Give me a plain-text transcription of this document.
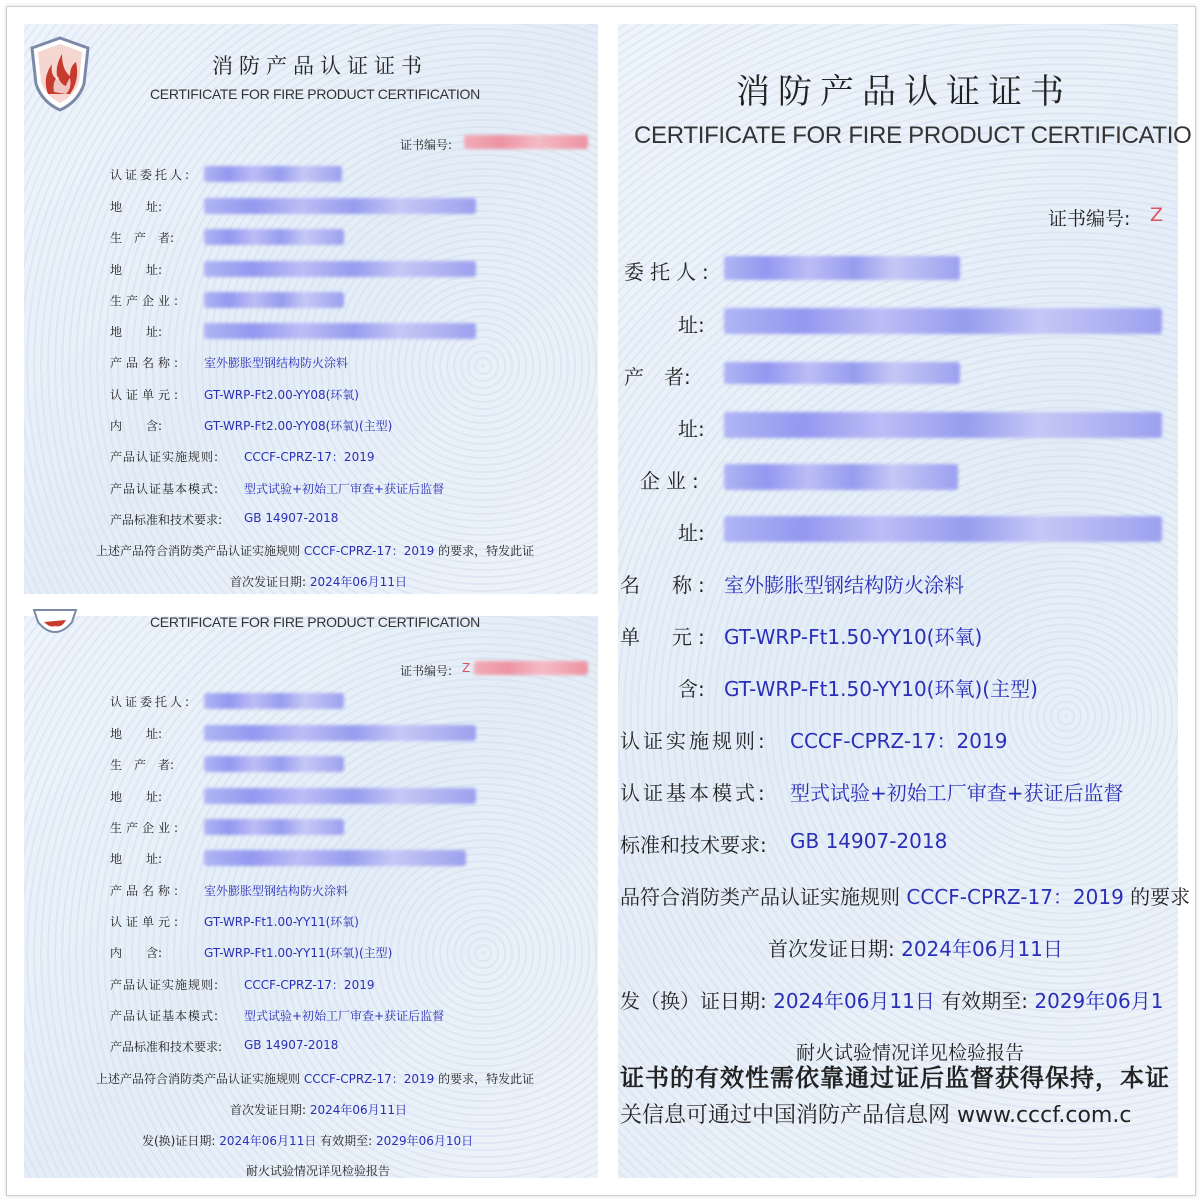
消防产品认证证书
CERTIFICATE FOR FIRE PRODUCT CERTIFICATION
证书编号:
认证委托人:
地　　址:
生　产　者:
地　　址:
生产企业:
地　　址:
产品名称: 室外膨胀型钢结构防火涂料
认证单元: GT-WRP-Ft2.00-YY08(环氧)
内　　含:	GT-WRP-Ft2.00-YY08(环氧)(主型)
产品认证实施规则: CCCF-CPRZ-17：2019
产品认证基本模式: 型式试验+初始工厂审查+获证后监督
产品标准和技术要求: GB 14907-2018
上述产品符合消防类产品认证实施规则 CCCF-CPRZ-17：2019 的要求，特发此证
首次发证日期: 2024年06月11日
CERTIFICATE FOR FIRE PRODUCT CERTIFICATION
证书编号: Z
认证委托人:
地　　址:
生　产　者:
地　　址:
生产企业:
地　　址:
产品名称: 室外膨胀型钢结构防火涂料
认证单元: GT-WRP-Ft1.00-YY11(环氧)
内　　含:	GT-WRP-Ft1.00-YY11(环氧)(主型)
产品认证实施规则: CCCF-CPRZ-17：2019
产品认证基本模式: 型式试验+初始工厂审查+获证后监督
产品标准和技术要求: GB 14907-2018
上述产品符合消防类产品认证实施规则 CCCF-CPRZ-17：2019 的要求，特发此证
首次发证日期: 2024年06月11日
发(换)证日期: 2024年06月11日 有效期至: 2029年06月10日
耐火试验情况详见检验报告
消防产品认证证书
CERTIFICATE FOR FIRE PRODUCT CERTIFICATIO
证书编号: Z
委托人:
址:
产　者:
址:
企业:
址:
名　称: 室外膨胀型钢结构防火涂料
单　元: GT-WRP-Ft1.50-YY10(环氧)
含: GT-WRP-Ft1.50-YY10(环氧)(主型)
认证实施规则: CCCF-CPRZ-17：2019
认证基本模式: 型式试验+初始工厂审查+获证后监督
标准和技术要求: GB 14907-2018
品符合消防类产品认证实施规则 CCCF-CPRZ-17：2019 的要求
首次发证日期: 2024年06月11日
发（换）证日期: 2024年06月11日 有效期至: 2029年06月1
耐火试验情况详见检验报告
证书的有效性需依靠通过证后监督获得保持，本证
关信息可通过中国消防产品信息网 www.cccf.com.c
